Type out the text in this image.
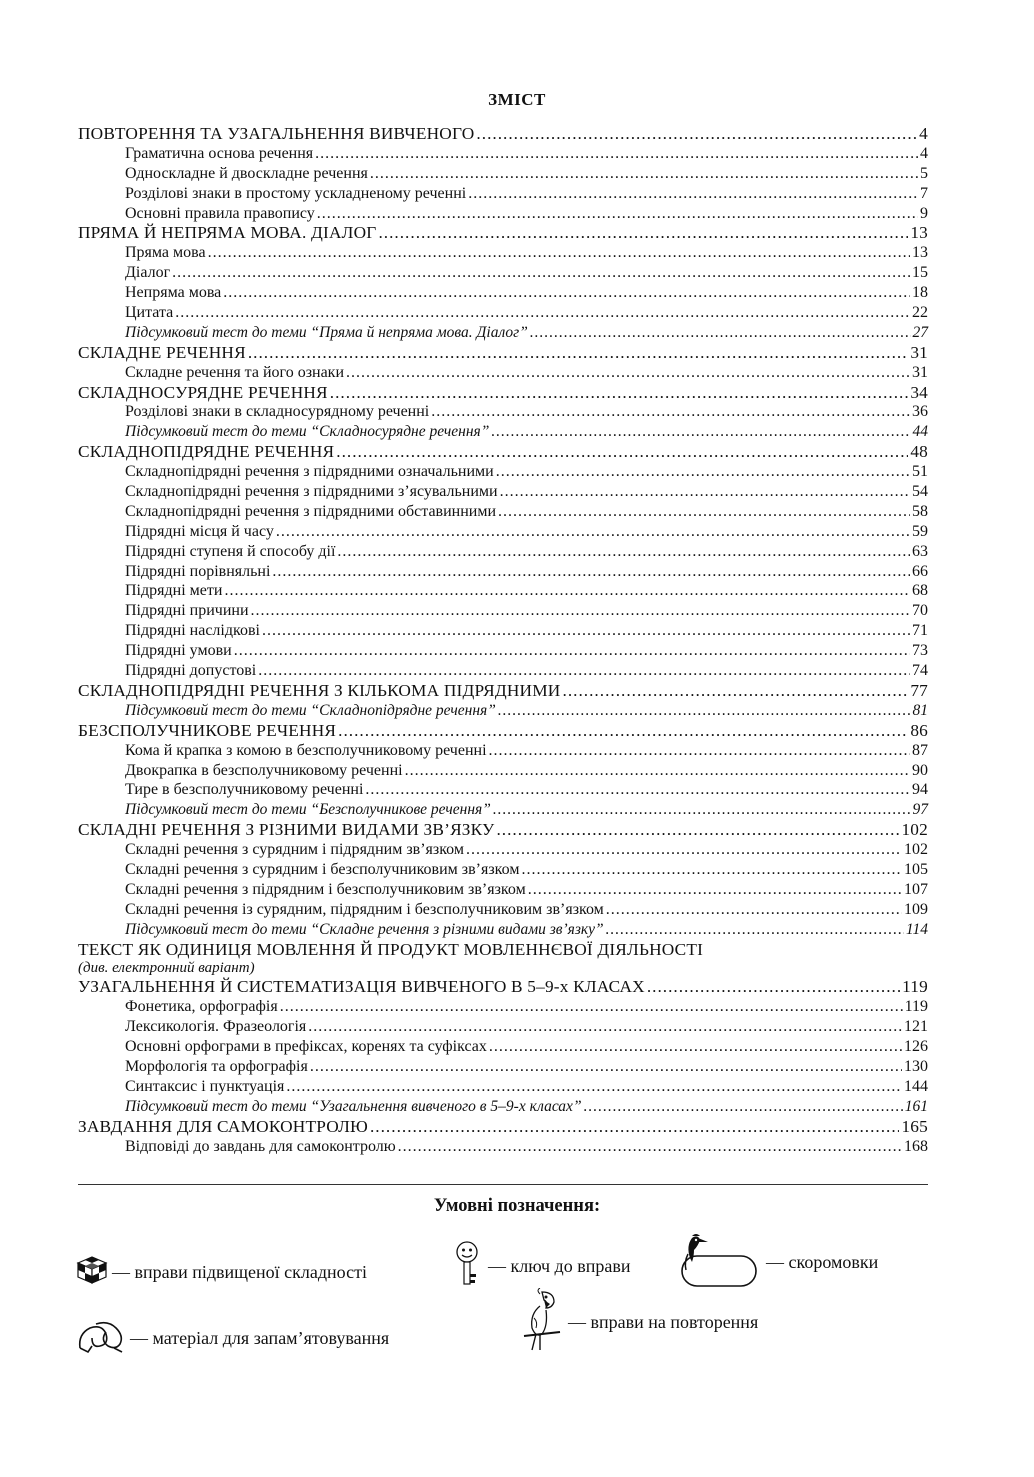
ЗМІСТ
ПОВТОРЕННЯ ТА УЗАГАЛЬНЕННЯ ВИВЧЕНОГО .....	4
Граматична основа речення .....	4
Односкладне й двоскладне речення .....	5
Розділові знаки в простому ускладненому реченні .....	7
Основні правила правопису .....	9
ПРЯМА Й НЕПРЯМА МОВА. ДІАЛОГ .....	13
Пряма мова .....	13
Діалог .....	15
Непряма мова .....	18
Цитата .....	22
Підсумковий тест до теми “Пряма й непряма мова. Діалог” .....	27
СКЛАДНЕ РЕЧЕННЯ .....	31
Складне речення та його ознаки .....	31
СКЛАДНОСУРЯДНЕ РЕЧЕННЯ .....	34
Розділові знаки в складносурядному реченні .....	36
Підсумковий тест до теми “Складносурядне речення” .....	44
СКЛАДНОПІДРЯДНЕ РЕЧЕННЯ .....	48
Складнопідрядні речення з підрядними означальними .....	51
Складнопідрядні речення з підрядними з’ясувальними .....	54
Складнопідрядні речення з підрядними обставинними .....	58
Підрядні місця й часу .....	59
Підрядні ступеня й способу дії .....	63
Підрядні порівняльні .....	66
Підрядні мети .....	68
Підрядні причини .....	70
Підрядні наслідкові .....	71
Підрядні умови .....	73
Підрядні допустові .....	74
СКЛАДНОПІДРЯДНІ РЕЧЕННЯ З КІЛЬКОМА ПІДРЯДНИМИ .....	77
Підсумковий тест до теми “Складнопідрядне речення” .....	81
БЕЗСПОЛУЧНИКОВЕ РЕЧЕННЯ .....	86
Кома й крапка з комою в безсполучниковому реченні .....	87
Двокрапка в безсполучниковому реченні .....	90
Тире в безсполучниковому реченні .....	94
Підсумковий тест до теми “Безсполучникове речення” .....	97
СКЛАДНІ РЕЧЕННЯ З РІЗНИМИ ВИДАМИ ЗВ’ЯЗКУ .....	102
Складні речення з сурядним і підрядним зв’язком .....	102
Складні речення з сурядним і безсполучниковим зв’язком .....	105
Складні речення з підрядним і безсполучниковим зв’язком .....	107
Складні речення із сурядним, підрядним і безсполучниковим зв’язком .....	109
Підсумковий тест до теми “Складне речення з різними видами зв’язку” .....	114
ТЕКСТ ЯК ОДИНИЦЯ МОВЛЕННЯ Й ПРОДУКТ МОВЛЕННЄВОЇ ДІЯЛЬНОСТІ
(див. електронний варіант)
УЗАГАЛЬНЕННЯ Й СИСТЕМАТИЗАЦІЯ ВИВЧЕНОГО В 5–9-х КЛАСАХ .....	119
Фонетика, орфографія .....	119
Лексикологія. Фразеологія .....	121
Основні орфограми в префіксах, коренях та суфіксах .....	126
Морфологія та орфографія .....	130
Синтаксис і пунктуація .....	144
Підсумковий тест до теми “Узагальнення вивченого в 5–9-х класах” .....	161
ЗАВДАННЯ ДЛЯ САМОКОНТРОЛЮ .....	165
Відповіді до завдань для самоконтролю .....	168
Умовні позначення:
— вправи підвищеної складності	— ключ до вправи	— скоромовки
— матеріал для запам’ятовування
— вправи на повторення
